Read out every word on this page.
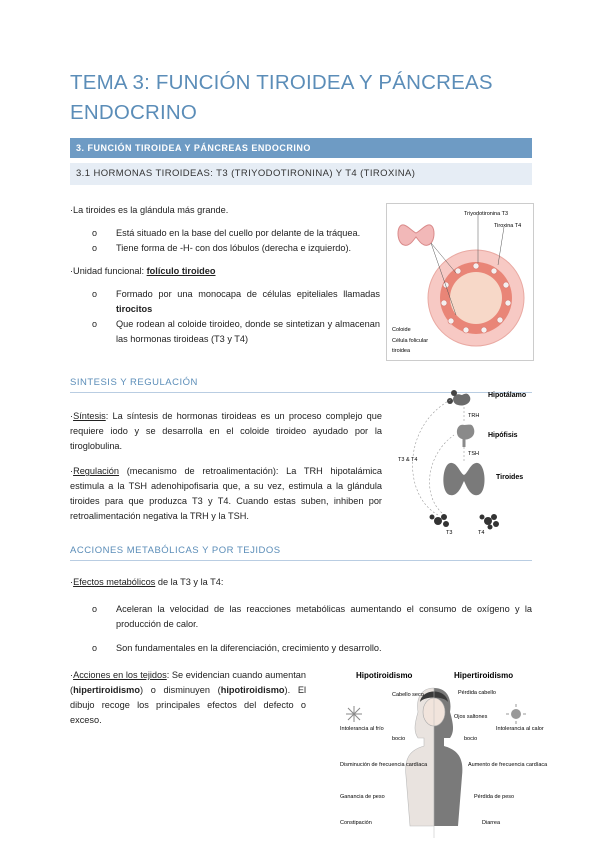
TEMA 3: FUNCIÓN TIROIDEA Y PÁNCREAS ENDOCRINO
3. FUNCIÓN TIROIDEA Y PÁNCREAS ENDOCRINO
3.1 HORMONAS TIROIDEAS: T3 (TRIYODOTIRONINA) Y T4 (TIROXINA)
·La tiroides es la glándula más grande.
o Está situado en la base del cuello por delante de la tráquea.
o Tiene forma de -H- con dos lóbulos (derecha e izquierdo).
·Unidad funcional: folículo tiroideo
o Formado por una monocapa de células epiteliales llamadas tirocitos
o Que rodean al coloide tiroideo, donde se sintetizan y almacenan las hormonas tiroideas (T3 y T4)
Triyodotironina T3
Tiroxina T4
Coloide
Célula folicular
tiroidea
SINTESIS Y REGULACIÓN
·Síntesis: La síntesis de hormonas tiroideas es un proceso complejo que requiere iodo y se desarrolla en el coloide tiroideo ayudado por la tiroglobulina.
·Regulación (mecanismo de retroalimentación): La TRH hipotalámica estimula a la TSH adenohipofisaria que, a su vez, estimula a la glándula tiroides para que produzca T3 y T4. Cuando estas suben, inhiben por retroalimentación negativa la TRH y la TSH.
Hipotálamo
Hipófisis
Tiroides
TRH
TSH
T3 & T4
T3	T4
ACCIONES METABÓLICAS Y POR TEJIDOS
·Efectos metabólicos de la T3 y la T4:
o Aceleran la velocidad de las reacciones metabólicas aumentando el consumo de oxígeno y la producción de calor.
o Son fundamentales en la diferenciación, crecimiento y desarrollo.
·Acciones en los tejidos: Se evidencian cuando aumentan (hipertiroidismo) o disminuyen (hipotiroidismo). El dibujo recoge los principales efectos del defecto o exceso.
Hipotiroidismo	Hipertiroidismo
Cabello seco
Intolerancia al frío
bocio
Disminución de frecuencia cardíaca
Ganancia de peso
Constipación
Pérdida cabello
Ojos saltones
bocio
Intolerancia al calor
Aumento de frecuencia cardíaca
Pérdida de peso
Diarrea
